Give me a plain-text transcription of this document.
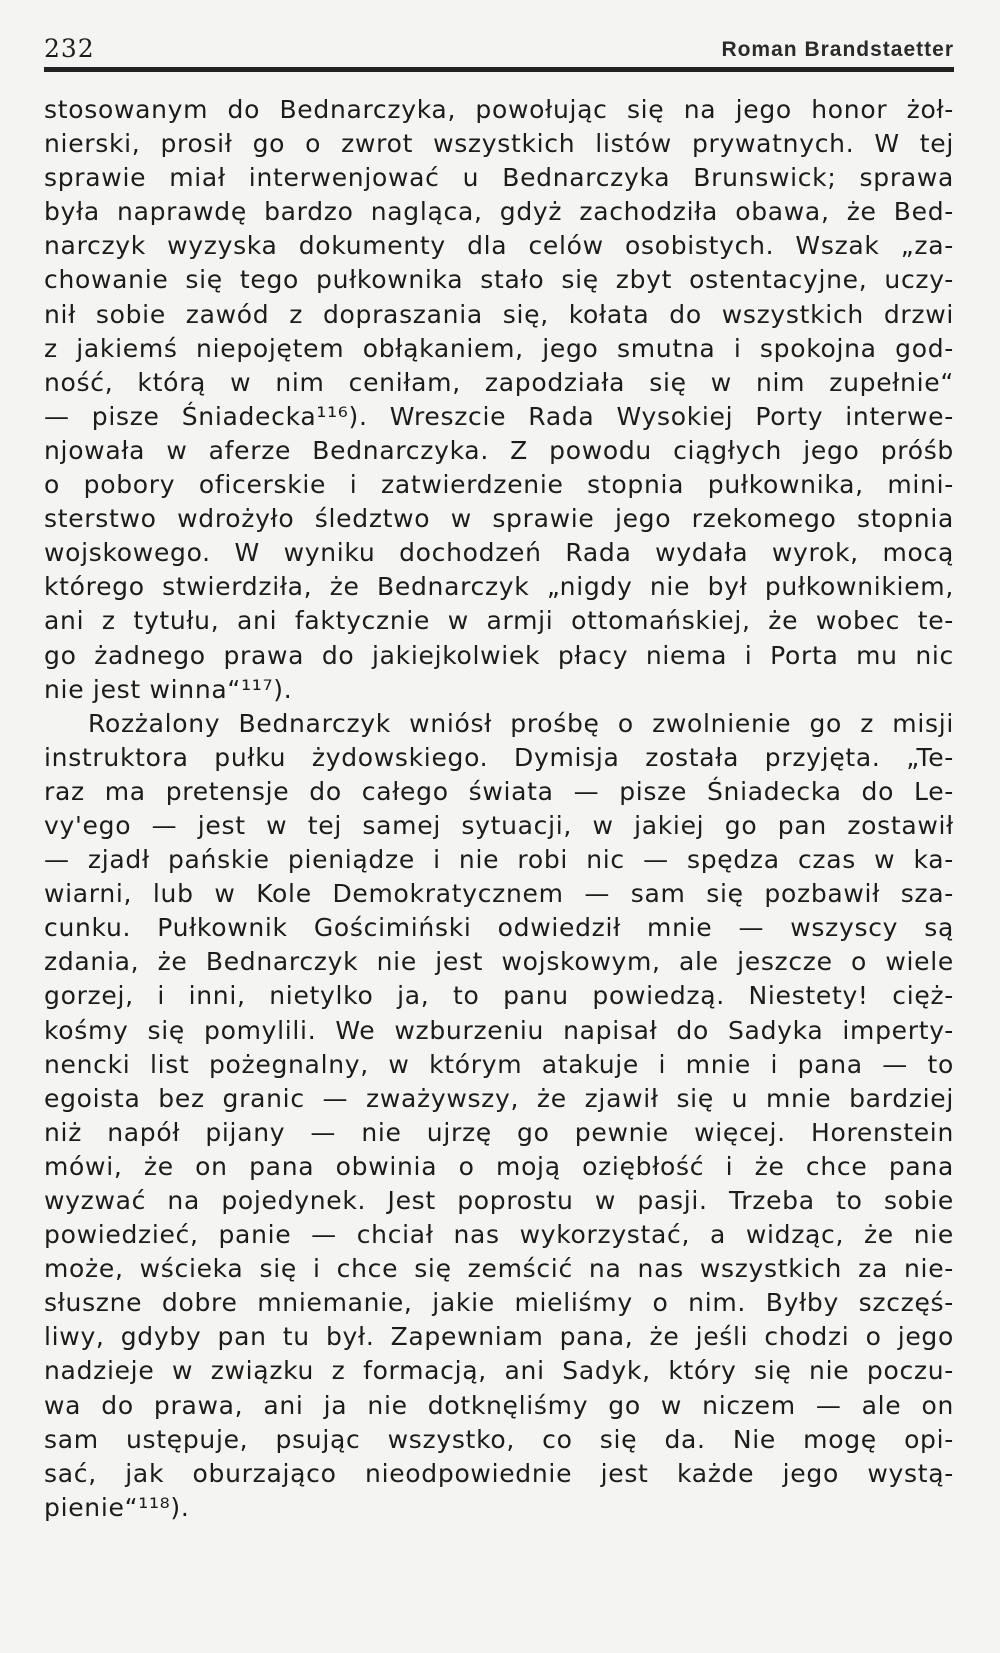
232	Roman Brandstaetter
stosowanym do Bednarczyka, powołując się na jego honor żoł-
nierski, prosił go o zwrot wszystkich listów prywatnych. W tej
sprawie miał interwenjować u Bednarczyka Brunswick; sprawa
była naprawdę bardzo nagląca, gdyż zachodziła obawa, że Bed-
narczyk wyzyska dokumenty dla celów osobistych. Wszak „za-
chowanie się tego pułkownika stało się zbyt ostentacyjne, uczy-
nił sobie zawód z dopraszania się, kołata do wszystkich drzwi
z jakiemś niepojętem obłąkaniem, jego smutna i spokojna god-
ność, którą w nim ceniłam, zapodziała się w nim zupełnie“
— pisze Śniadecka¹¹⁶). Wreszcie Rada Wysokiej Porty interwe-
njowała w aferze Bednarczyka. Z powodu ciągłych jego próśb
o pobory oficerskie i zatwierdzenie stopnia pułkownika, mini-
sterstwo wdrożyło śledztwo w sprawie jego rzekomego stopnia
wojskowego. W wyniku dochodzeń Rada wydała wyrok, mocą
którego stwierdziła, że Bednarczyk „nigdy nie był pułkownikiem,
ani z tytułu, ani faktycznie w armji ottomańskiej, że wobec te-
go żadnego prawa do jakiejkolwiek płacy niema i Porta mu nic
nie jest winna“¹¹⁷).
Rozżalony Bednarczyk wniósł prośbę o zwolnienie go z misji
instruktora pułku żydowskiego. Dymisja została przyjęta. „Te-
raz ma pretensje do całego świata — pisze Śniadecka do Le-
vy'ego — jest w tej samej sytuacji, w jakiej go pan zostawił
— zjadł pańskie pieniądze i nie robi nic — spędza czas w ka-
wiarni, lub w Kole Demokratycznem — sam się pozbawił sza-
cunku. Pułkownik Gościmiński odwiedził mnie — wszyscy są
zdania, że Bednarczyk nie jest wojskowym, ale jeszcze o wiele
gorzej, i inni, nietylko ja, to panu powiedzą. Niestety! cięż-
kośmy się pomylili. We wzburzeniu napisał do Sadyka imperty-
nencki list pożegnalny, w którym atakuje i mnie i pana — to
egoista bez granic — zważywszy, że zjawił się u mnie bardziej
niż napół pijany — nie ujrzę go pewnie więcej. Horenstein
mówi, że on pana obwinia o moją oziębłość i że chce pana
wyzwać na pojedynek. Jest poprostu w pasji. Trzeba to sobie
powiedzieć, panie — chciał nas wykorzystać, a widząc, że nie
może, wścieka się i chce się zemścić na nas wszystkich za nie-
słuszne dobre mniemanie, jakie mieliśmy o nim. Byłby szczęś-
liwy, gdyby pan tu był. Zapewniam pana, że jeśli chodzi o jego
nadzieje w związku z formacją, ani Sadyk, który się nie poczu-
wa do prawa, ani ja nie dotknęliśmy go w niczem — ale on
sam ustępuje, psując wszystko, co się da. Nie mogę opi-
sać, jak oburzająco nieodpowiednie jest każde jego wystą-
pienie“¹¹⁸).
